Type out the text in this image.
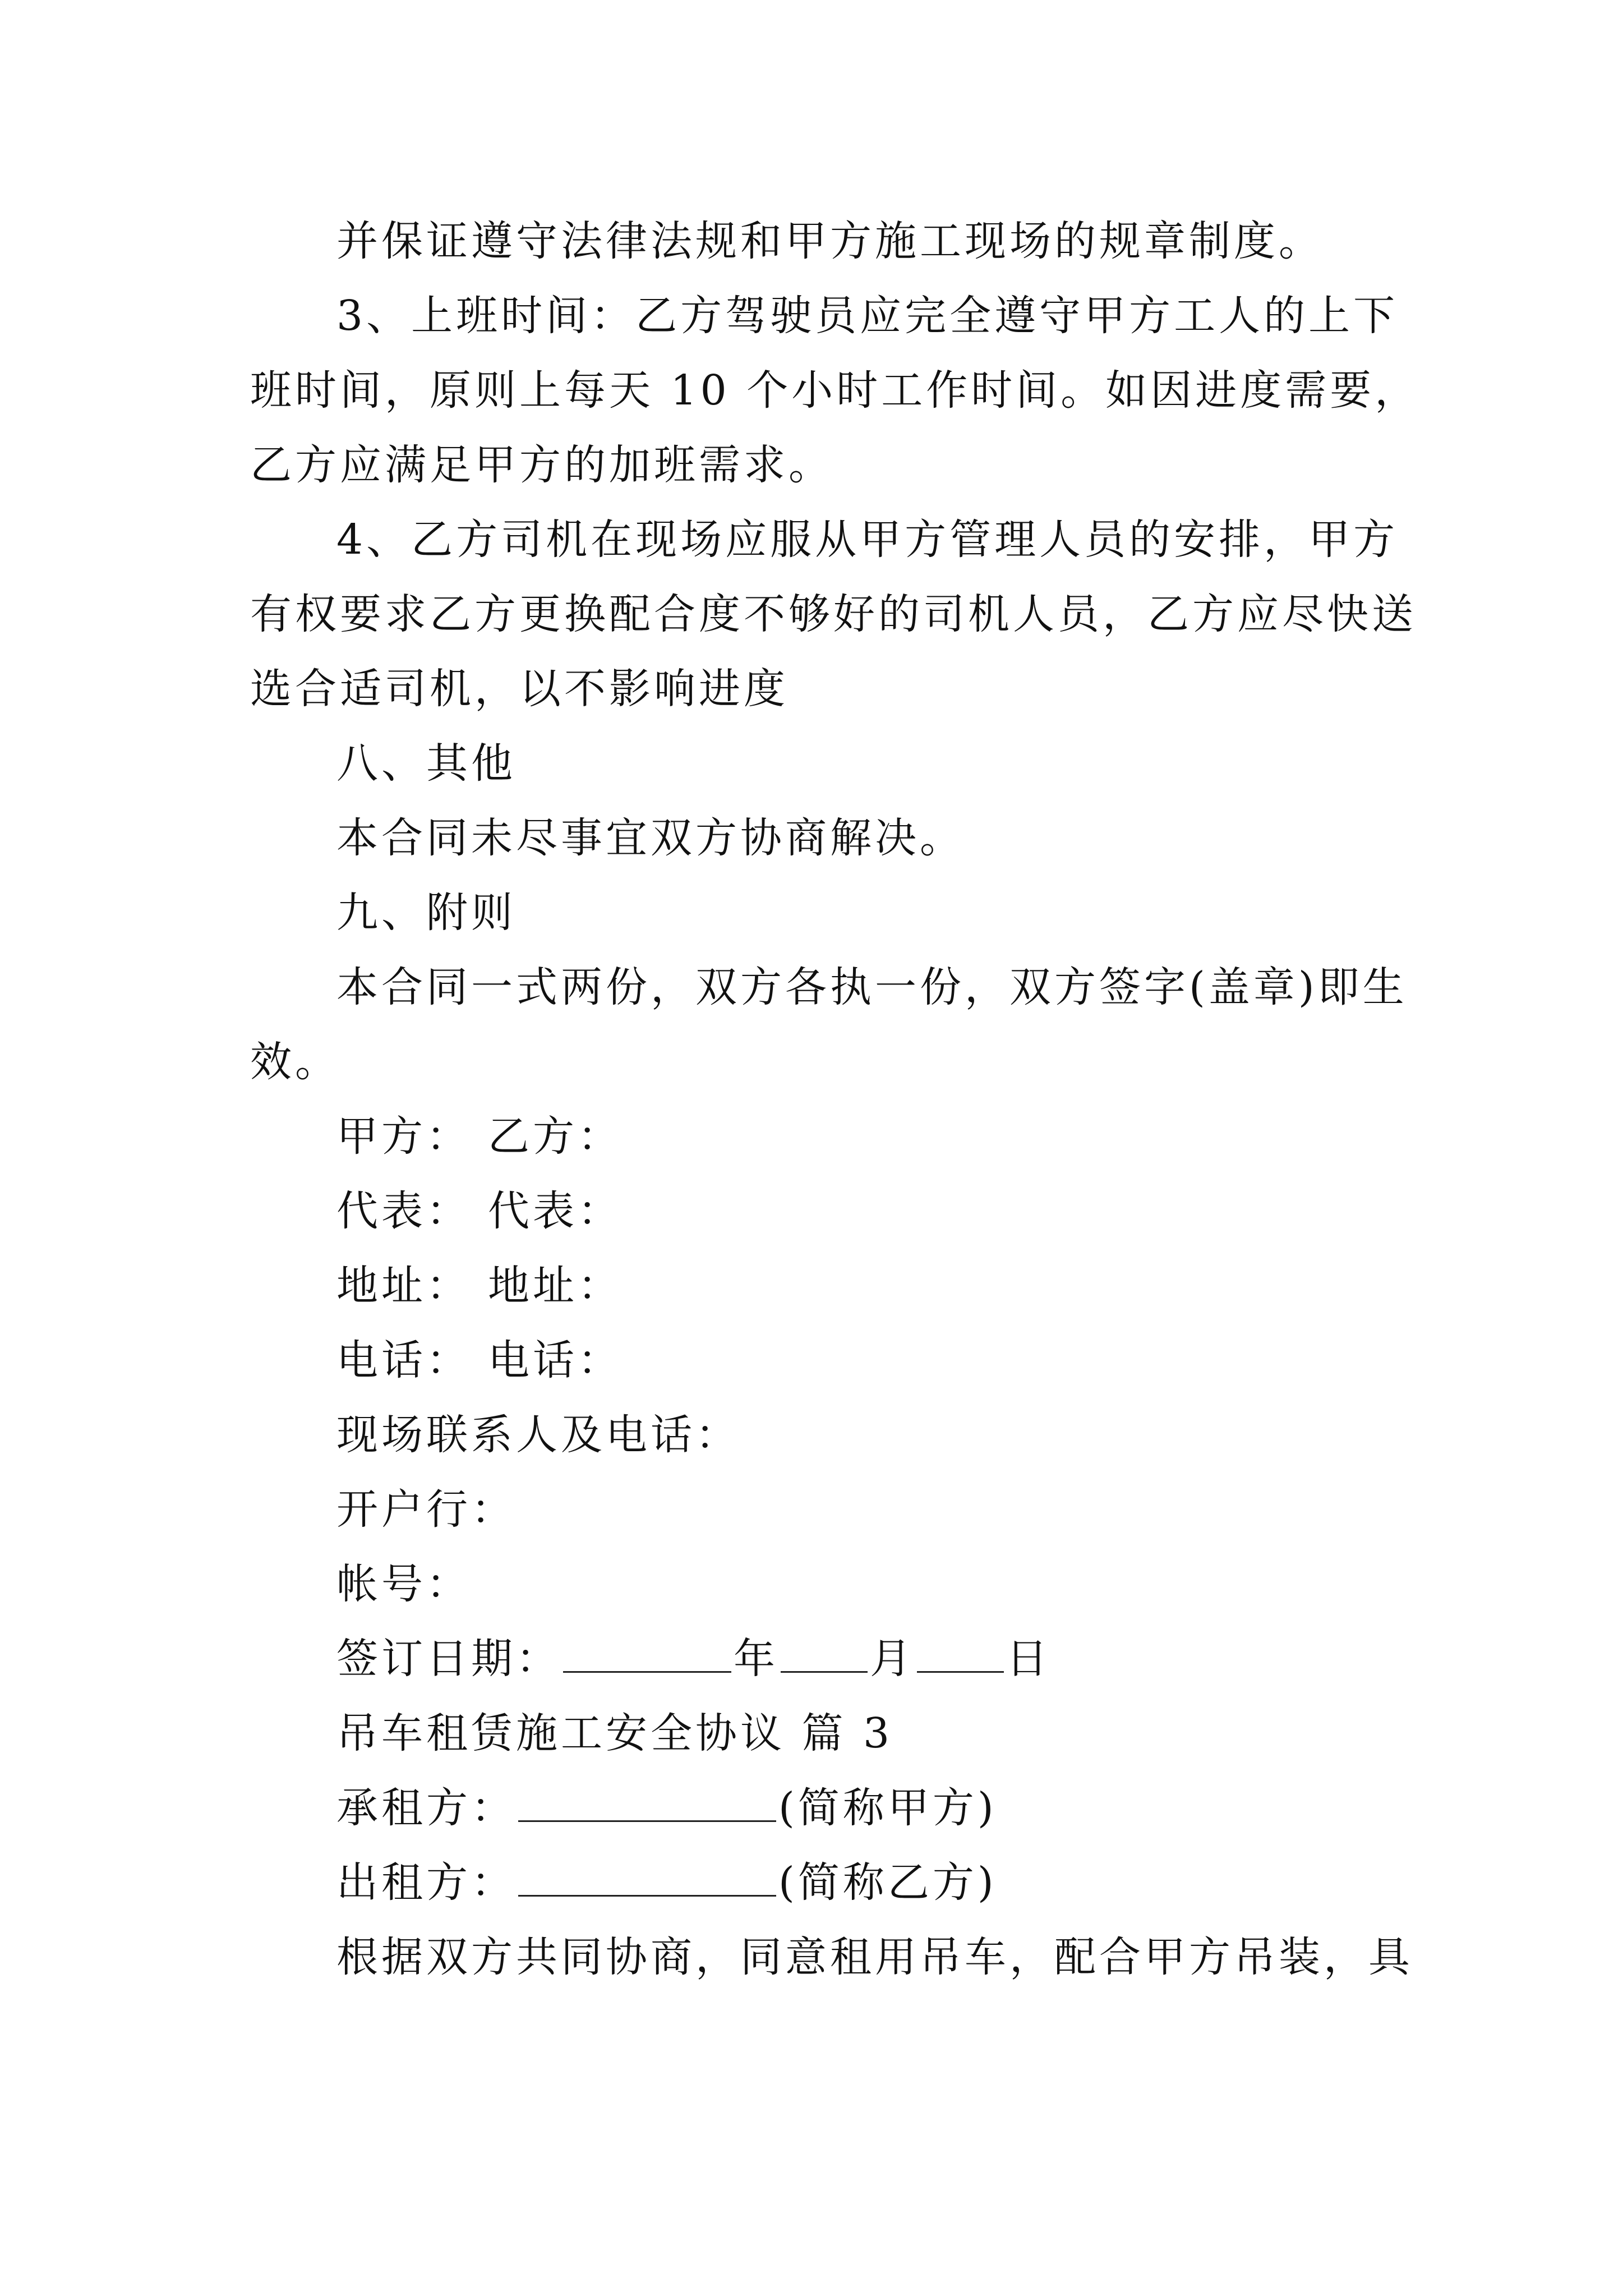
并保证遵守法律法规和甲方施工现场的规章制度。
3、上班时间：乙方驾驶员应完全遵守甲方工人的上下
班时间，原则上每天 10 个小时工作时间。如因进度需要，
乙方应满足甲方的加班需求。
4、乙方司机在现场应服从甲方管理人员的安排，甲方
有权要求乙方更换配合度不够好的司机人员，乙方应尽快送
选合适司机，以不影响进度
八、其他
本合同未尽事宜双方协商解决。
九、附则
本合同一式两份，双方各执一份，双方签字(盖章)即生
效。
甲方： 乙方：
代表： 代表：
地址： 地址：
电话： 电话：
现场联系人及电话：
开户行：
帐号：
签订日期：	年 月 日
吊车租赁施工安全协议 篇 3
承租方：	(简称甲方)
出租方：	(简称乙方)
根据双方共同协商，同意租用吊车，配合甲方吊装，具
